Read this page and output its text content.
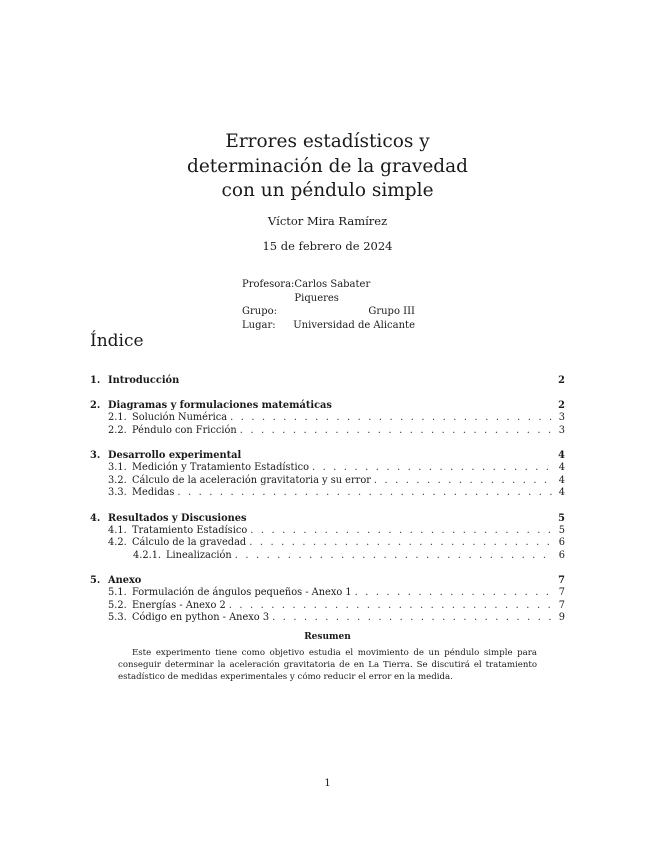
Errores estadísticos y
determinación de la gravedad
con un péndulo simple
Víctor Mira Ramírez
15 de febrero de 2024
Profesora: Carlos Sabater Piqueres
Grupo:	Grupo III
Lugar: Universidad de Alicante
Índice
1. Introducción	2
2. Diagramas y formulaciones matemáticas	2
2.1. Solución Numérica . . .	3
2.2. Péndulo con Fricción . . .	3
3. Desarrollo experimental	4
3.1. Medición y Tratamiento Estadístico . . .	4
3.2. Cálculo de la aceleración gravitatoria y su error . . .	4
3.3. Medidas . . .	4
4. Resultados y Discusiones	5
4.1. Tratamiento Estadísico . . .	5
4.2. Cálculo de la gravedad . . .	6
4.2.1. Linealización . . .	6
5. Anexo	7
5.1. Formulación de ángulos pequeños - Anexo 1 . . .	7
5.2. Energías - Anexo 2 . . .	7
5.3. Código en python - Anexo 3 . . .	9
Resumen
Este experimento tiene como objetivo estudia el movimiento de un péndulo simple para conseguir determinar la aceleración gravitatoria de en La Tierra. Se discutirá el tratamiento estadístico de medidas experimentales y cómo reducir el error en la medida.
1
